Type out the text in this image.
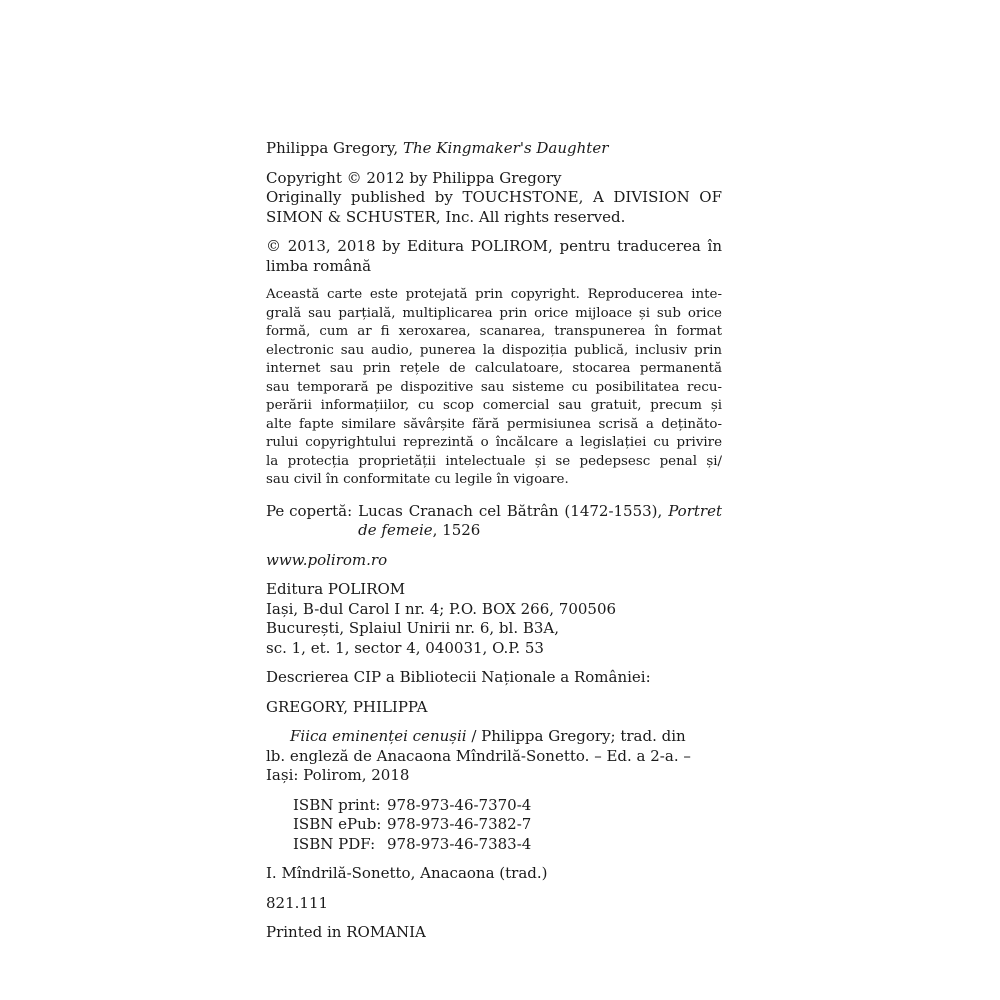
Philippa Gregory, The Kingmaker's Daughter
Copyright © 2012 by Philippa Gregory
Originally published by TOUCHSTONE, A DIVISION OF
SIMON & SCHUSTER, Inc. All rights reserved.
© 2013, 2018 by Editura POLIROM, pentru traducerea în
limba română
Această carte este protejată prin copyright. Reproducerea inte-
grală sau parțială, multiplicarea prin orice mijloace și sub orice
formă, cum ar fi xeroxarea, scanarea, transpunerea în format
electronic sau audio, punerea la dispoziția publică, inclusiv prin
internet sau prin rețele de calculatoare, stocarea permanentă
sau temporară pe dispozitive sau sisteme cu posibilitatea recu-
perării informațiilor, cu scop comercial sau gratuit, precum și
alte fapte similare săvârșite fără permisiunea scrisă a deținăto-
rului copyrightului reprezintă o încălcare a legislației cu privire
la protecția proprietății intelectuale și se pedepsesc penal și/
sau civil în conformitate cu legile în vigoare.
Pe copertă: Lucas Cranach cel Bătrân (1472-1553), Portret
de femeie, 1526
www.polirom.ro
Editura POLIROM
Iași, B-dul Carol I nr. 4; P.O. BOX 266, 700506
București, Splaiul Unirii nr. 6, bl. B3A,
sc. 1, et. 1, sector 4, 040031, O.P. 53
Descrierea CIP a Bibliotecii Naționale a României:
GREGORY, PHILIPPA
Fiica eminenței cenușii / Philippa Gregory; trad. din
lb. engleză de Anacaona Mîndrilă-Sonetto. – Ed. a 2-a. –
Iași: Polirom, 2018
ISBN print: 978-973-46-7370-4
ISBN ePub: 978-973-46-7382-7
ISBN PDF: 978-973-46-7383-4
I. Mîndrilă-Sonetto, Anacaona (trad.)
821.111
Printed in ROMANIA
